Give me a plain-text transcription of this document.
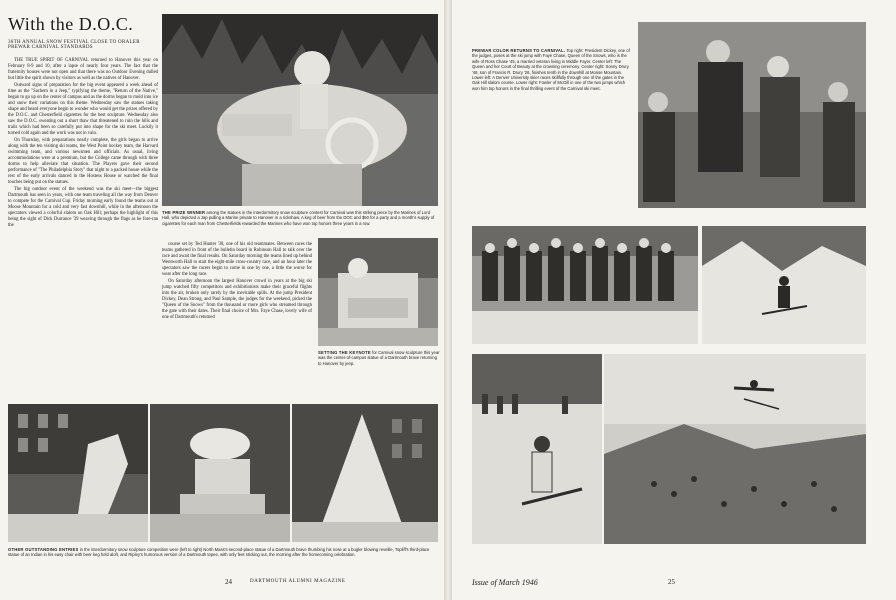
With the D.O.C.
36TH ANNUAL SNOW FESTIVAL CLOSE TO ORALER PREWAR CARNIVAL STANDARDS

THE TRUE SPIRIT OF CARNIVAL returned to Hanover this year on February 8-9 and 10, after a lapse of nearly four years. The fact that the fraternity houses were not open and that there was no Outdoor Evening dulled but little the spirit shown by visitors as well as the natives of Hanover.

Outward signs of preparation for the big event appeared a week ahead of time as the "Sachem in a Jeep," typifying the theme, "Return of the Native," began to go up on the center of campus and as the dorms began to mold into ice and snow their variations on this theme. Wednesday saw the statues taking shape and heard everyone begin to wonder who would get the prizes offered by the D.O.C. and Chesterfield cigarettes for the best sculpture. Wednesday also saw the D.O.C. sweating out a short thaw that threatened to ruin the hills and trails which had been so carefully put into shape for the ski meet. Luckily it turned cold again and the work was not in vain.

On Thursday, with preparations nearly complete, the girls began to arrive along with the ten visiting ski teams, the West Point hockey team, the Harvard swimming team, and various newsmen and officials. As usual, living accommodations were at a premium, but the College came through with three dorms to help alleviate that situation. The Players gave their second performance of "The Philadelphia Story" that night to a packed house while the rest of the early arrivals danced in the Hostess House or watched the final touches being put on the statues.

The big outdoor event of the weekend was the ski meet—the biggest Dartmouth has seen in years, with one team traveling all the way from Denver to compete for the Carnival Cup. Friday morning early found the teams out at Moose Mountain for a cold and very fast downhill, while in the afternoon the spectators viewed a colorful slalom on Oak Hill; perhaps the highlight of this being the sight of Dick Durrance '39 weaving through the flags as he fore-ran the

THE PRIZE WINNER among the statues in the interdormitory snow sculpture contest for Carnival was this striking piece by the Marines of Lord Hall, who depicted a Jap pulling a Marine private to Hanover in a rickshaw. A keg of beer from the DOC and $50 for a party and a month's supply of cigarettes for each man from Chesterfields rewarded the Marines who have won top honors three years in a row.

course set by Ted Hunter '38, one of his old teammates. Between races the teams gathered in front of the bulletin board in Robinson Hall to talk over the race and await the final results. On Saturday morning the teams lined up behind Wentworth Hall to start the eight-mile cross-country race, and an hour later the spectators saw the racers begin to come in one by one, a little the worse for wear after the long race.

On Saturday afternoon the largest Hanover crowd in years at the big ski jump watched fifty competitors and exhibitionists make their graceful flights into the air, broken only rarely by the inevitable spills. At the jump President Dickey, Dean Strong, and Paul Sample, the judges for the weekend, picked the "Queen of the Snows" from the thousand or more girls who streamed through the gate with their dates. Their final choice of Mrs. Faye Chase, lovely wife of one of Dartmouth's returned

SETTING THE KEYNOTE for Carnival snow sculpture this year was the center-of-campus statue of a Dartmouth brave returning to Hanover by jeep.
OTHER OUTSTANDING ENTRIES in the interdormitory snow sculpture competition were (left to right) North Mass's second-place statue of a Dartmouth brave thumbing his nose at a bugler blowing reveille, Topliff's third-place statue of an Indian in his easy chair with beer keg held aloft, and Ripley's humorous version of a Dartmouth tepee, with only feet sticking out, the morning after the homecoming celebration.
24	DARTMOUTH ALUMNI MAGAZINE
PREWAR COLOR RETURNS TO CARNIVAL. Top right: President Dickey, one of the judges, poses at the ski jump with Faye Chase, Queen of the Snows, who is the wife of Ross Chase '45, a married veteran living in Middle Fayer. Center left: The Queen and her Court of Beauty at the crowning ceremony. Center right: Sonny Drury '48, son of Francis R. Drury '26, finishes tenth in the downhill at Moose Mountain. Lower left: A Denver University skier races skillfully through one of the gates in the Oak Hill slalom course. Lower right: Fowler of McGill in one of the two jumps which won him top honors in the final thrilling event of the Carnival ski meet.
Issue of March 1946	25
